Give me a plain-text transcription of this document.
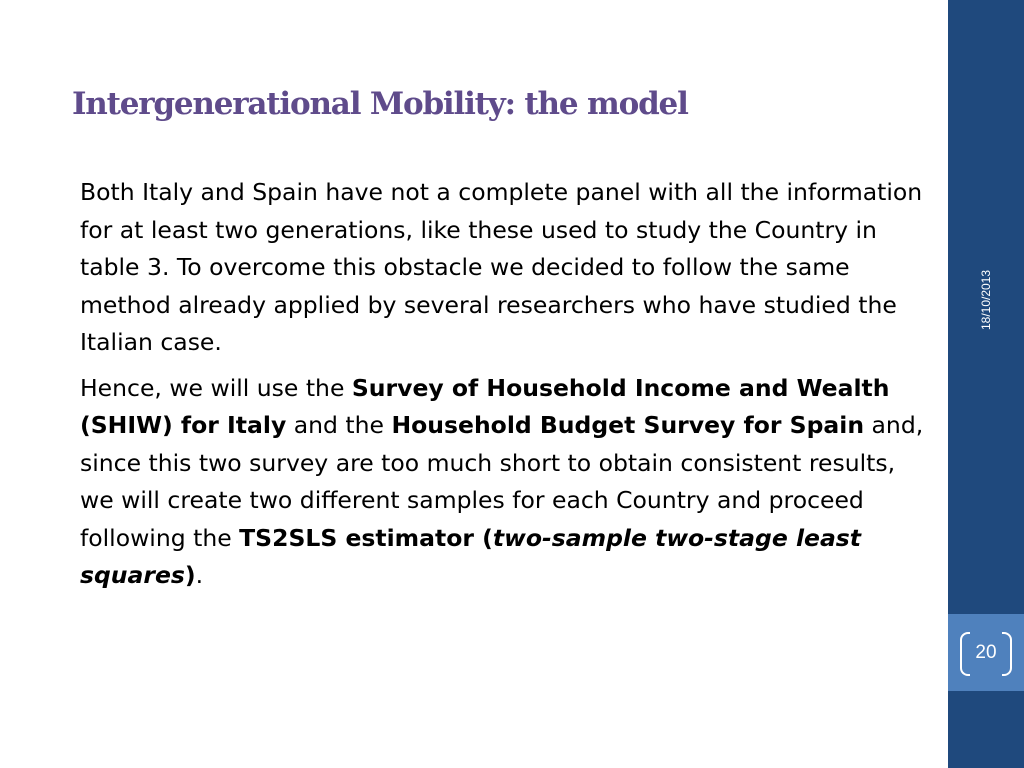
Intergenerational Mobility: the model

Both Italy and Spain have not a complete panel with all the information for at least two generations, like these used to study the Country in table 3. To overcome this obstacle we decided to follow the same method already applied by several researchers who have studied the Italian case.

Hence, we will use the Survey of Household Income and Wealth (SHIW) for Italy and the Household Budget Survey for Spain and, since this two survey are too much short to obtain consistent results, we will create two different samples for each Country and proceed following the TS2SLS estimator (two-sample two-stage least squares).

18/10/2013
20
